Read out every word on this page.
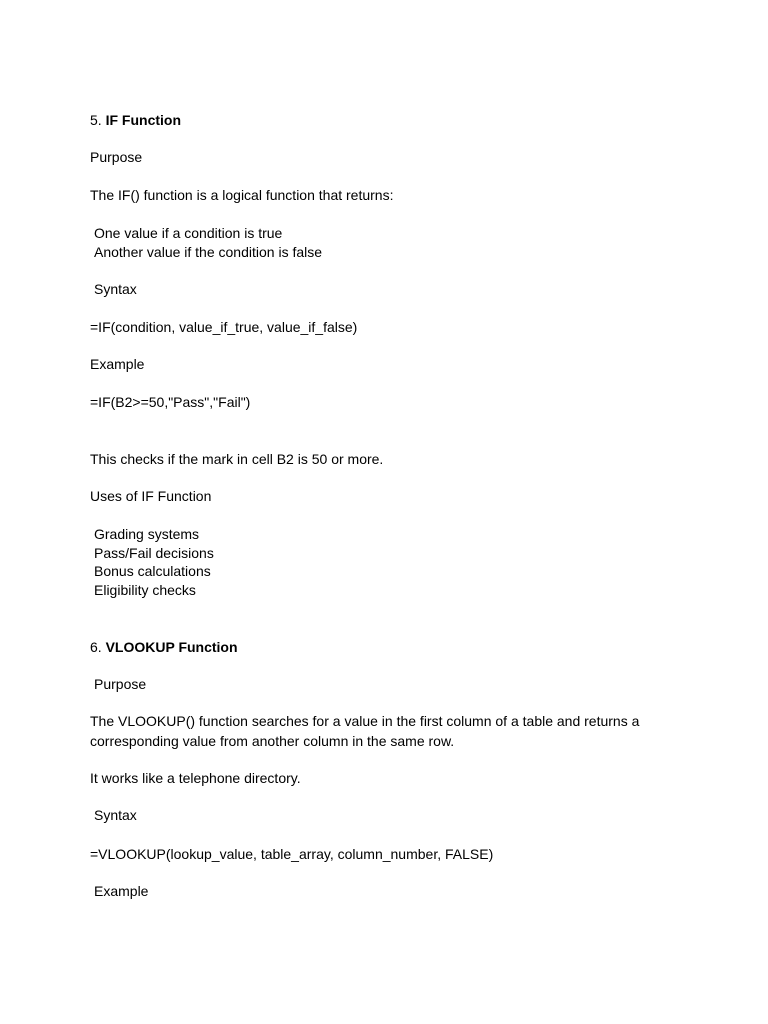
5. IF Function
Purpose
The IF() function is a logical function that returns:
One value if a condition is true
Another value if the condition is false
Syntax
=IF(condition, value_if_true, value_if_false)
Example
=IF(B2>=50,"Pass","Fail")
This checks if the mark in cell B2 is 50 or more.
Uses of IF Function
Grading systems
Pass/Fail decisions
Bonus calculations
Eligibility checks
6. VLOOKUP Function
Purpose
The VLOOKUP() function searches for a value in the first column of a table and returns a corresponding value from another column in the same row.
It works like a telephone directory.
Syntax
=VLOOKUP(lookup_value, table_array, column_number, FALSE)
Example
